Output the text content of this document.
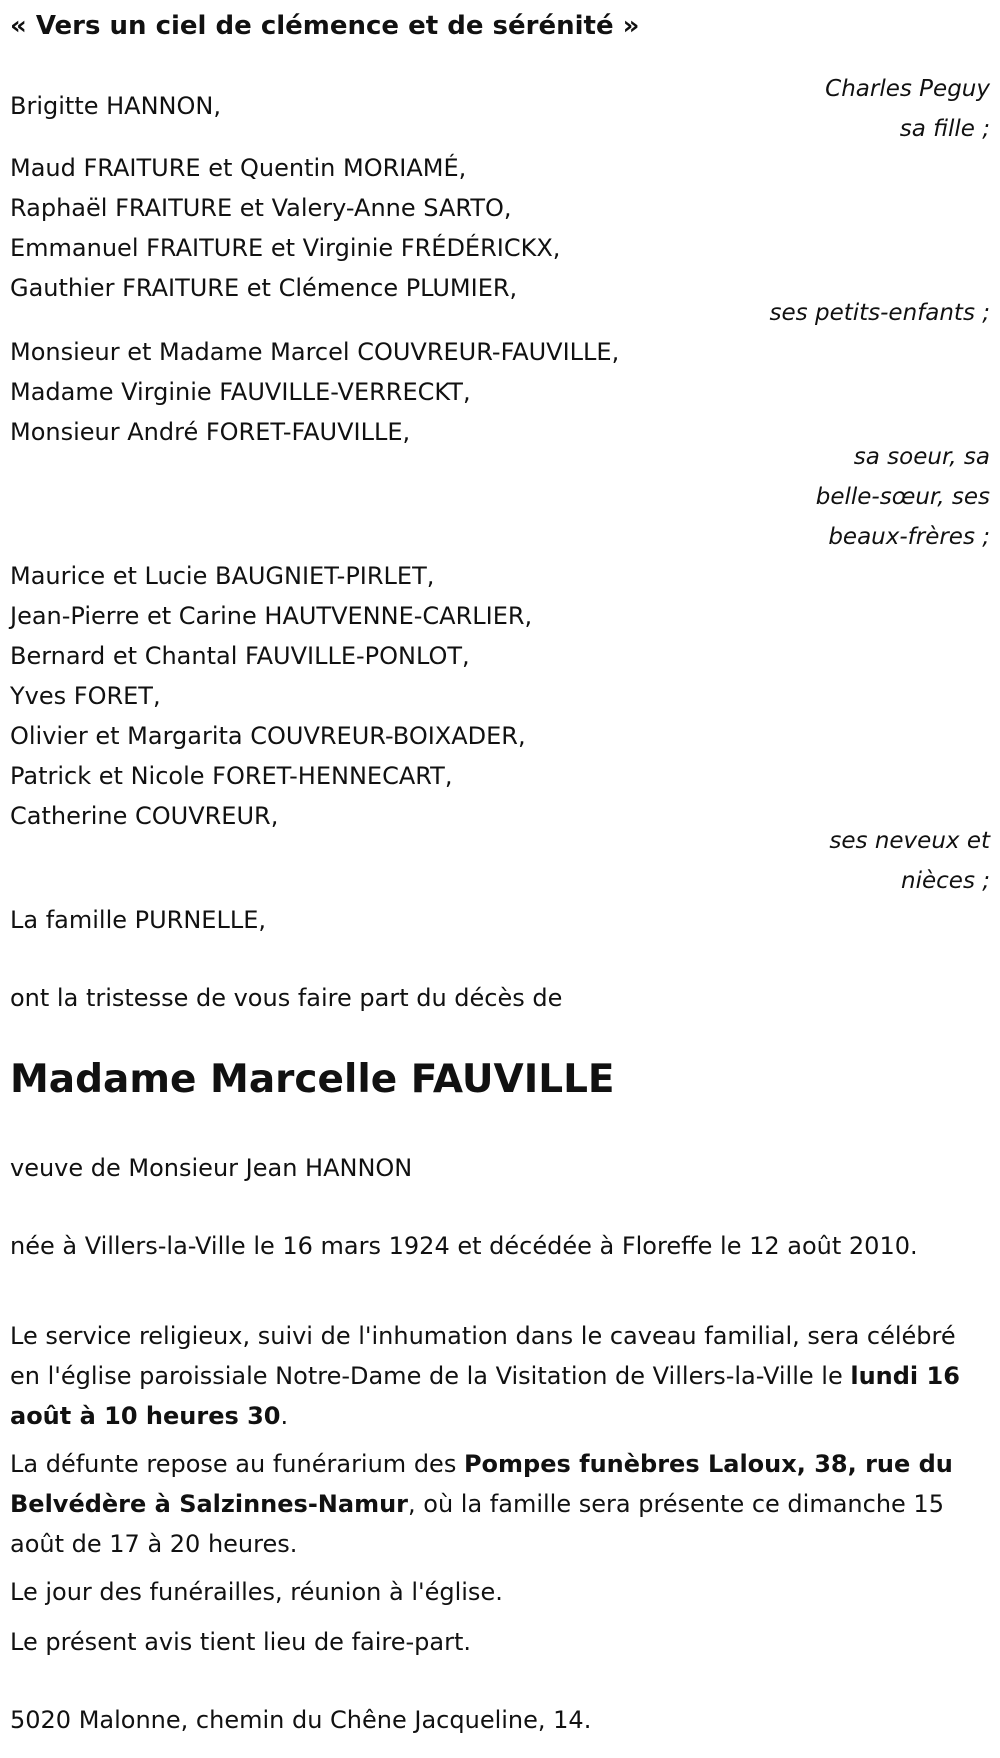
« Vers un ciel de clémence et de sérénité »
Charles Peguy
Brigitte HANNON,
sa fille ;
Maud FRAITURE et Quentin MORIAMÉ,
Raphaël FRAITURE et Valery-Anne SARTO,
Emmanuel FRAITURE et Virginie FRÉDÉRICKX,
Gauthier FRAITURE et Clémence PLUMIER,
ses petits-enfants ;
Monsieur et Madame Marcel COUVREUR-FAUVILLE,
Madame Virginie FAUVILLE-VERRECKT,
Monsieur André FORET-FAUVILLE,
sa soeur, sa
belle-sœur, ses
beaux-frères ;
Maurice et Lucie BAUGNIET-PIRLET,
Jean-Pierre et Carine HAUTVENNE-CARLIER,
Bernard et Chantal FAUVILLE-PONLOT,
Yves FORET,
Olivier et Margarita COUVREUR-BOIXADER,
Patrick et Nicole FORET-HENNECART,
Catherine COUVREUR,
ses neveux et
nièces ;
La famille PURNELLE,
ont la tristesse de vous faire part du décès de
Madame Marcelle FAUVILLE
veuve de Monsieur Jean HANNON
née à Villers-la-Ville le 16 mars 1924 et décédée à Floreffe le 12 août 2010.
Le service religieux, suivi de l'inhumation dans le caveau familial, sera célébré en l'église paroissiale Notre-Dame de la Visitation de Villers-la-Ville le lundi 16 août à 10 heures 30.
La défunte repose au funérarium des Pompes funèbres Laloux, 38, rue du Belvédère à Salzinnes-Namur, où la famille sera présente ce dimanche 15 août de 17 à 20 heures.
Le jour des funérailles, réunion à l'église.
Le présent avis tient lieu de faire-part.
5020 Malonne, chemin du Chêne Jacqueline, 14.
